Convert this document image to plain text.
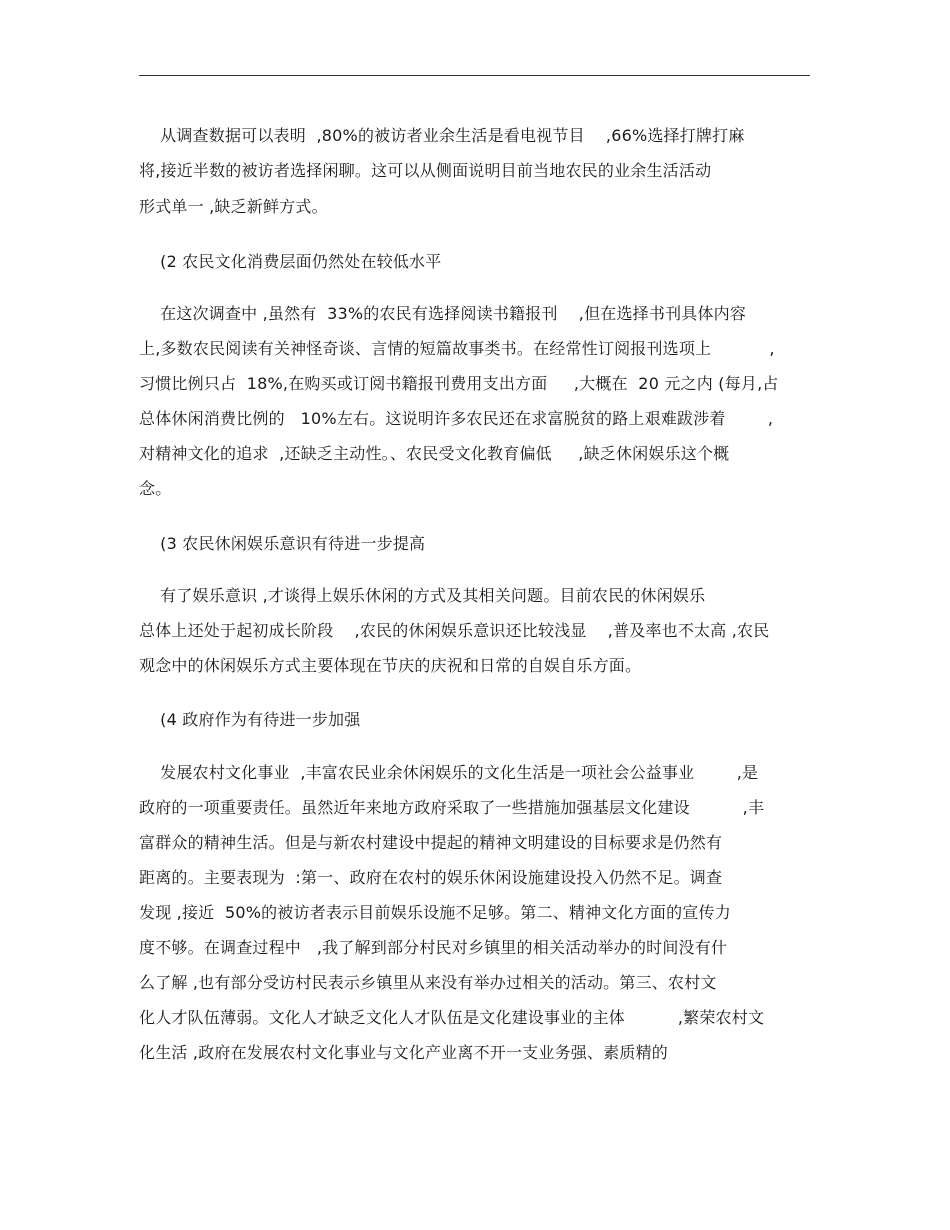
从调查数据可以表明  ,80%的被访者业余生活是看电视节目    ,66%选择打牌打麻
将,接近半数的被访者选择闲聊。这可以从侧面说明目前当地农民的业余生活活动
形式单一 ,缺乏新鲜方式。
(2 农民文化消费层面仍然处在较低水平
在这次调查中 ,虽然有  33%的农民有选择阅读书籍报刊    ,但在选择书刊具体内容
上,多数农民阅读有关神怪奇谈、言情的短篇故事类书。在经常性订阅报刊选项上           ,
习惯比例只占  18%,在购买或订阅书籍报刊费用支出方面     ,大概在  20 元之内 (每月,占
总体休闲消费比例的   10%左右。这说明许多农民还在求富脱贫的路上艰难跋涉着        ,
对精神文化的追求  ,还缺乏主动性。、农民受文化教育偏低     ,缺乏休闲娱乐这个概
念。
(3 农民休闲娱乐意识有待进一步提高
有了娱乐意识 ,才谈得上娱乐休闲的方式及其相关问题。目前农民的休闲娱乐
总体上还处于起初成长阶段    ,农民的休闲娱乐意识还比较浅显    ,普及率也不太高 ,农民
观念中的休闲娱乐方式主要体现在节庆的庆祝和日常的自娱自乐方面。
(4 政府作为有待进一步加强
发展农村文化事业  ,丰富农民业余休闲娱乐的文化生活是一项社会公益事业        ,是
政府的一项重要责任。虽然近年来地方政府采取了一些措施加强基层文化建设          ,丰
富群众的精神生活。但是与新农村建设中提起的精神文明建设的目标要求是仍然有
距离的。主要表现为  :第一、政府在农村的娱乐休闲设施建设投入仍然不足。调查
发现 ,接近  50%的被访者表示目前娱乐设施不足够。第二、精神文化方面的宣传力
度不够。在调查过程中   ,我了解到部分村民对乡镇里的相关活动举办的时间没有什
么了解 ,也有部分受访村民表示乡镇里从来没有举办过相关的活动。第三、农村文
化人才队伍薄弱。文化人才缺乏文化人才队伍是文化建设事业的主体          ,繁荣农村文
化生活 ,政府在发展农村文化事业与文化产业离不开一支业务强、素质精的
